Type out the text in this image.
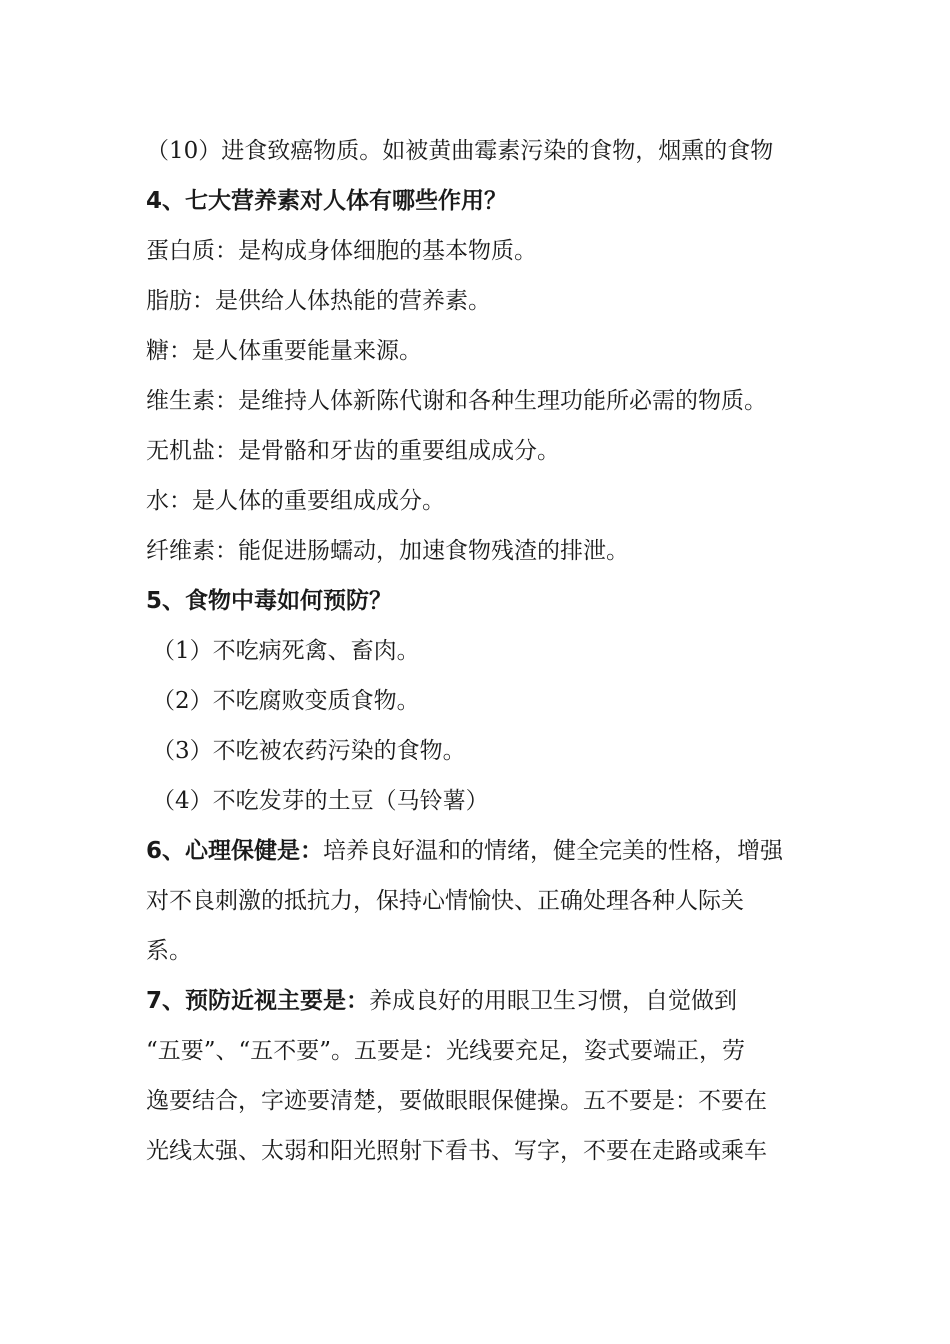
（10）进食致癌物质。如被黄曲霉素污染的食物，烟熏的食物
4、七大营养素对人体有哪些作用？
蛋白质：是构成身体细胞的基本物质。
脂肪：是供给人体热能的营养素。
糖：是人体重要能量来源。
维生素：是维持人体新陈代谢和各种生理功能所必需的物质。
无机盐：是骨骼和牙齿的重要组成成分。
水：是人体的重要组成成分。
纤维素：能促进肠蠕动，加速食物残渣的排泄。
5、食物中毒如何预防？
（1）不吃病死禽、畜肉。
（2）不吃腐败变质食物。
（3）不吃被农药污染的食物。
（4）不吃发芽的土豆（马铃薯）
6、心理保健是：培养良好温和的情绪，健全完美的性格，增强
对不良刺激的抵抗力，保持心情愉快、正确处理各种人际关
系。
7、预防近视主要是：养成良好的用眼卫生习惯，自觉做到
“五要”、“五不要”。五要是：光线要充足，姿式要端正，劳
逸要结合，字迹要清楚，要做眼眼保健操。五不要是：不要在
光线太强、太弱和阳光照射下看书、写字，不要在走路或乘车
